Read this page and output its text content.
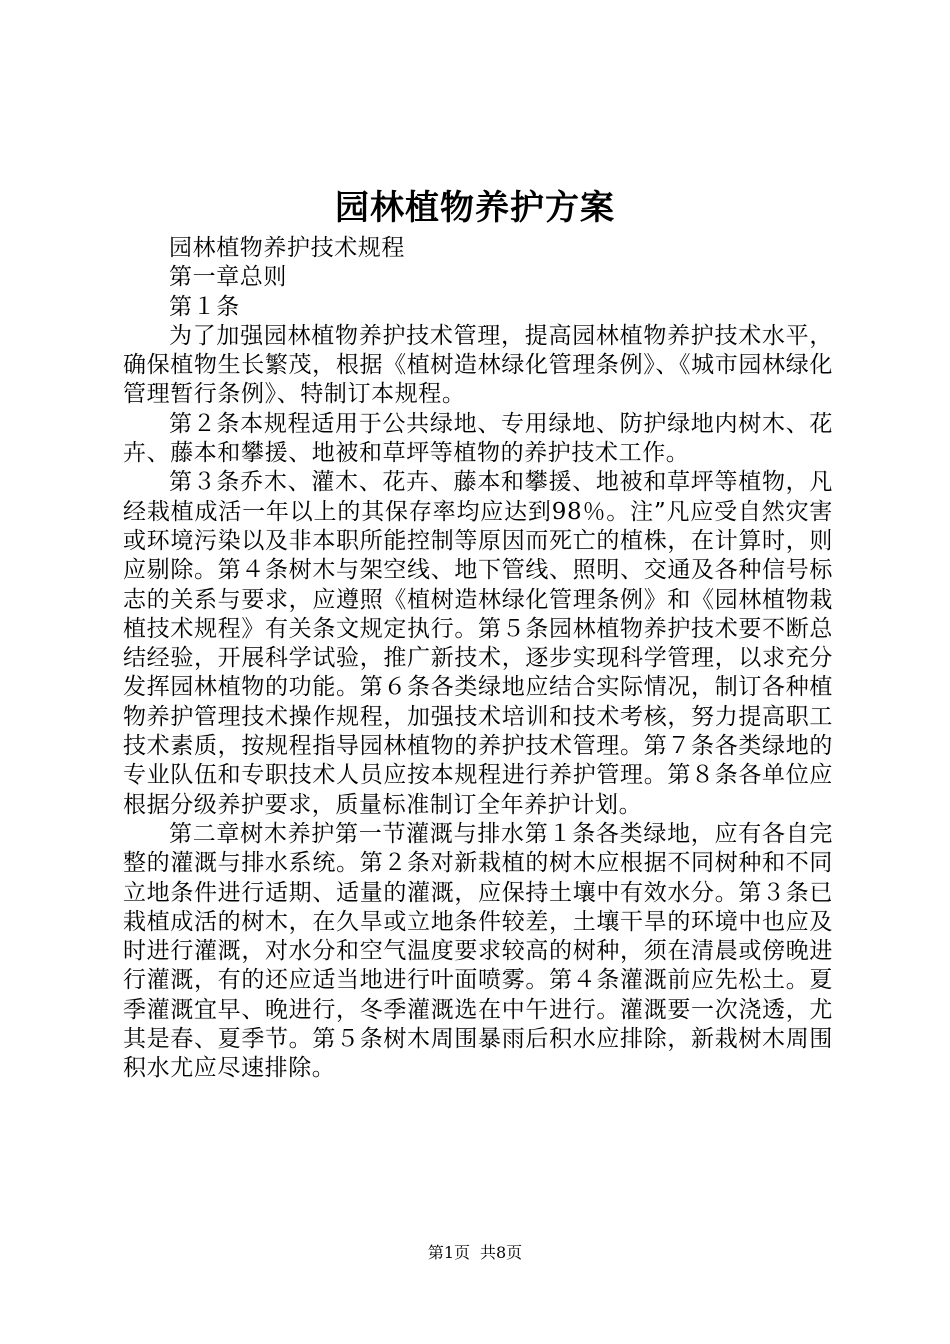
园林植物养护方案

园林植物养护技术规程

第一章总则

第１条

为了加强园林植物养护技术管理，提高园林植物养护技术水平，确保植物生长繁茂，根据《植树造林绿化管理条例》、《城市园林绿化管理暂行条例》、特制订本规程。

第２条本规程适用于公共绿地、专用绿地、防护绿地内树木、花卉、藤本和攀援、地被和草坪等植物的养护技术工作。

第３条乔木、灌木、花卉、藤本和攀援、地被和草坪等植物，凡经栽植成活一年以上的其保存率均应达到98％。注”凡应受自然灾害或环境污染以及非本职所能控制等原因而死亡的植株，在计算时，则应剔除。第４条树木与架空线、地下管线、照明、交通及各种信号标志的关系与要求，应遵照《植树造林绿化管理条例》和《园林植物栽植技术规程》有关条文规定执行。第５条园林植物养护技术要不断总结经验，开展科学试验，推广新技术，逐步实现科学管理，以求充分发挥园林植物的功能。第６条各类绿地应结合实际情况，制订各种植物养护管理技术操作规程，加强技术培训和技术考核，努力提高职工技术素质，按规程指导园林植物的养护技术管理。第７条各类绿地的专业队伍和专职技术人员应按本规程进行养护管理。第８条各单位应根据分级养护要求，质量标准制订全年养护计划。

第二章树木养护第一节灌溉与排水第１条各类绿地，应有各自完整的灌溉与排水系统。第２条对新栽植的树木应根据不同树种和不同立地条件进行适期、适量的灌溉，应保持土壤中有效水分。第３条已栽植成活的树木，在久旱或立地条件较差，土壤干旱的环境中也应及时进行灌溉，对水分和空气温度要求较高的树种，须在清晨或傍晚进行灌溉，有的还应适当地进行叶面喷雾。第４条灌溉前应先松土。夏季灌溉宜早、晚进行，冬季灌溉选在中午进行。灌溉要一次浇透，尤其是春、夏季节。第５条树木周围暴雨后积水应排除，新栽树木周围积水尤应尽速排除。

第1页 共8页
